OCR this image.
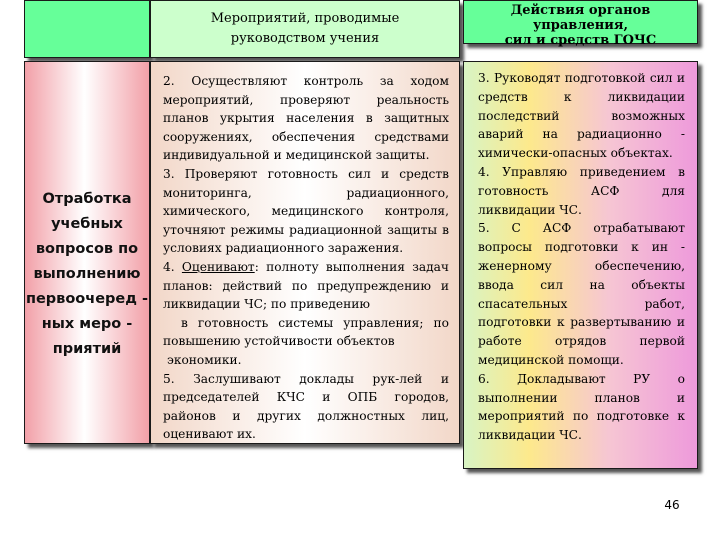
Мероприятий, проводимые
руководством учения
Действия органов управления,
сил и средств ГОЧС
Отработка
учебных
вопросов по
выполнению
первоочеред -
ных меро -
приятий

2. Осуществляют контроль за ходом мероприятий, проверяют реальность планов укрытия населения в защитных сооружениях, обеспечения средствами индивидуальной и медицинской защиты.

3. Проверяют готовность сил и средств мониторинга, радиационного, химического, медицинского контроля, уточняют режимы радиационной защиты в условиях радиационного заражения.

4. Оценивают: полноту выполнения задач планов: действий по предупреждению и ликвидации ЧС; по приведению

в готовность системы управления; по повышению устойчивости объектов

экономики.

5. Заслушивают доклады рук-лей и председателей КЧС и ОПБ городов, районов и других должностных лиц, оценивают их.

3. Руководят подготовкой сил и средств к ликвидации последствий возможных аварий на радиационно - химически-опасных объектах.

4. Управляю приведением в готовность АСФ для ликвидации ЧС.

5. С АСФ отрабатывают вопросы подготовки к ин - женерному обеспечению, ввода сил на объекты спасательных работ, подготовки к развертыванию и работе отрядов первой медицинской помощи.

6. Докладывают РУ о выполнении планов и мероприятий по подготовке к ликвидации ЧС.

46
